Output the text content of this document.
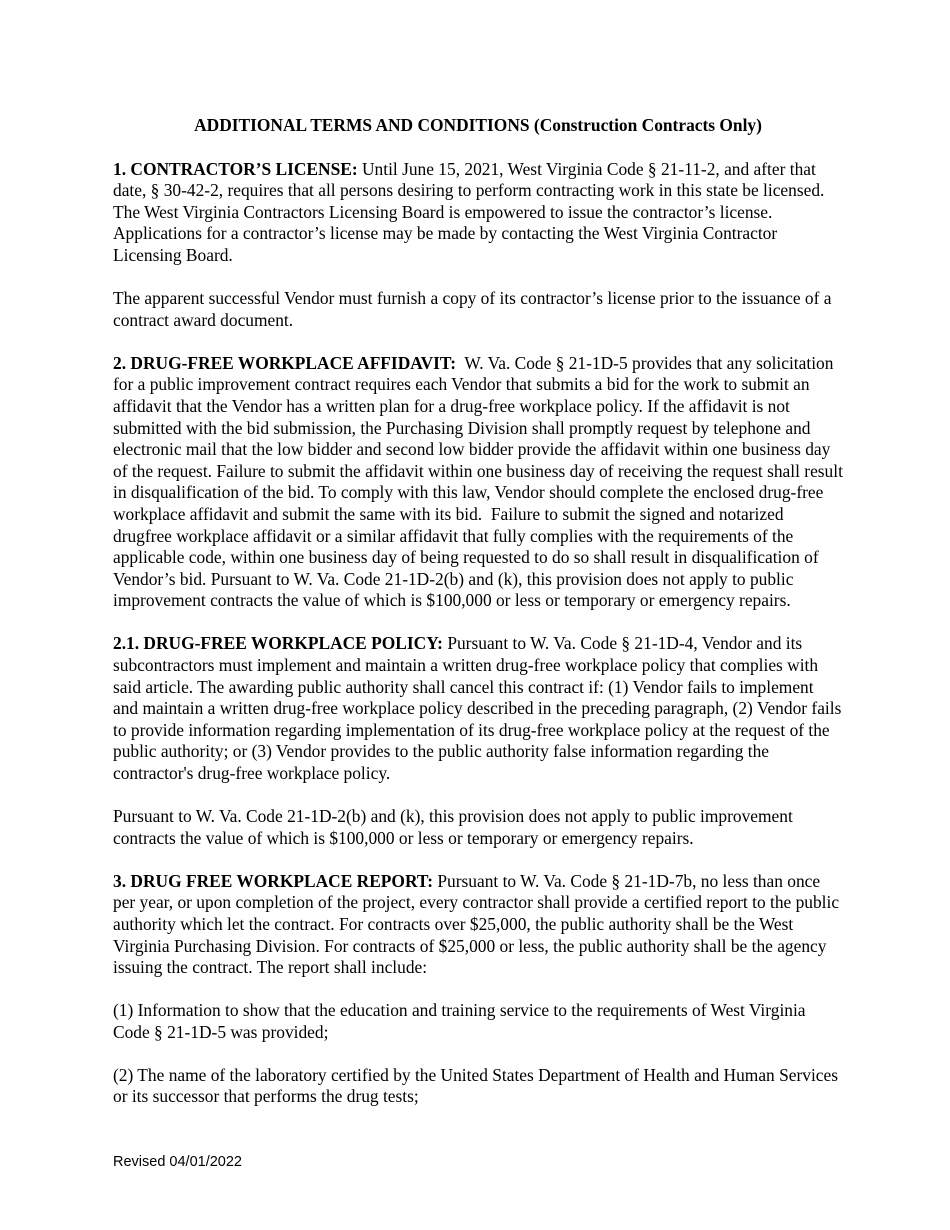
ADDITIONAL TERMS AND CONDITIONS (Construction Contracts Only)

1. CONTRACTOR’S LICENSE: Until June 15, 2021, West Virginia Code § 21-11-2, and after that date, § 30-42-2, requires that all persons desiring to perform contracting work in this state be licensed. The West Virginia Contractors Licensing Board is empowered to issue the contractor’s license. Applications for a contractor’s license may be made by contacting the West Virginia Contractor Licensing Board.

The apparent successful Vendor must furnish a copy of its contractor’s license prior to the issuance of a contract award document.

2. DRUG-FREE WORKPLACE AFFIDAVIT:  W. Va. Code § 21-1D-5 provides that any solicitation for a public improvement contract requires each Vendor that submits a bid for the work to submit an affidavit that the Vendor has a written plan for a drug-free workplace policy. If the affidavit is not submitted with the bid submission, the Purchasing Division shall promptly request by telephone and electronic mail that the low bidder and second low bidder provide the affidavit within one business day of the request. Failure to submit the affidavit within one business day of receiving the request shall result in disqualification of the bid. To comply with this law, Vendor should complete the enclosed drug-free workplace affidavit and submit the same with its bid.  Failure to submit the signed and notarized drugfree workplace affidavit or a similar affidavit that fully complies with the requirements of the applicable code, within one business day of being requested to do so shall result in disqualification of Vendor’s bid. Pursuant to W. Va. Code 21-1D-2(b) and (k), this provision does not apply to public improvement contracts the value of which is $100,000 or less or temporary or emergency repairs.

2.1. DRUG-FREE WORKPLACE POLICY: Pursuant to W. Va. Code § 21-1D-4, Vendor and its subcontractors must implement and maintain a written drug-free workplace policy that complies with said article. The awarding public authority shall cancel this contract if: (1) Vendor fails to implement and maintain a written drug-free workplace policy described in the preceding paragraph, (2) Vendor fails to provide information regarding implementation of its drug-free workplace policy at the request of the public authority; or (3) Vendor provides to the public authority false information regarding the contractor's drug-free workplace policy.

Pursuant to W. Va. Code 21-1D-2(b) and (k), this provision does not apply to public improvement contracts the value of which is $100,000 or less or temporary or emergency repairs.

3. DRUG FREE WORKPLACE REPORT: Pursuant to W. Va. Code § 21-1D-7b, no less than once per year, or upon completion of the project, every contractor shall provide a certified report to the public authority which let the contract. For contracts over $25,000, the public authority shall be the West Virginia Purchasing Division. For contracts of $25,000 or less, the public authority shall be the agency issuing the contract. The report shall include:

(1) Information to show that the education and training service to the requirements of West Virginia Code § 21-1D-5 was provided;

(2) The name of the laboratory certified by the United States Department of Health and Human Services or its successor that performs the drug tests;

Revised 04/01/2022
